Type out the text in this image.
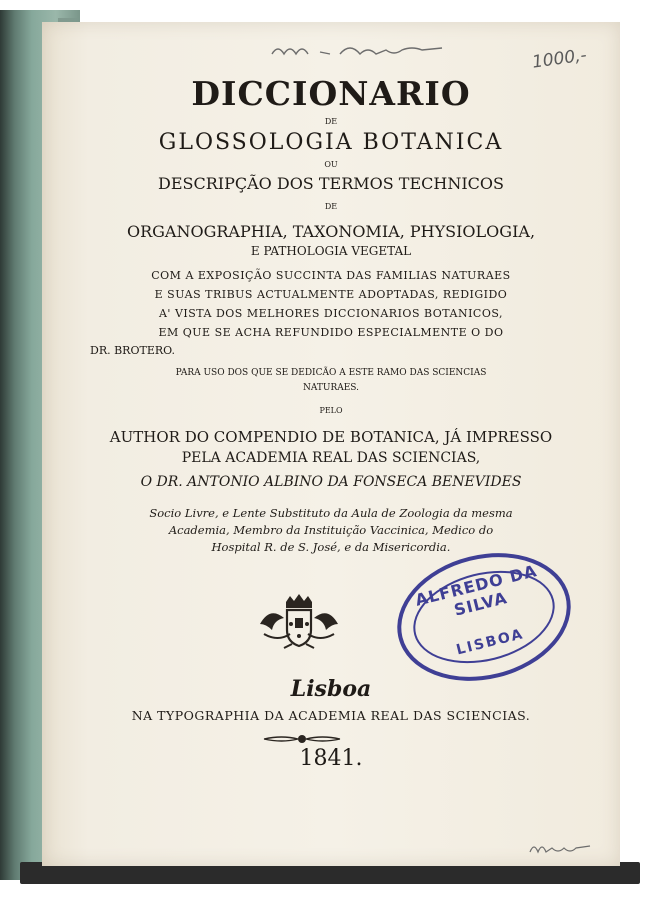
1000,-
DICCIONARIO
DE
GLOSSOLOGIA BOTANICA
OU
DESCRIPÇÃO DOS TERMOS TECHNICOS
DE
ORGANOGRAPHIA, TAXONOMIA, PHYSIOLOGIA,
E PATHOLOGIA VEGETAL
COM A EXPOSIÇÃO SUCCINTA DAS FAMILIAS NATURAES
E SUAS TRIBUS ACTUALMENTE ADOPTADAS, REDIGIDO
A' VISTA DOS MELHORES DICCIONARIOS BOTANICOS,
EM QUE SE ACHA REFUNDIDO ESPECIALMENTE O DO
DR. BROTERO.
PARA USO DOS QUE SE DEDICÃO A ESTE RAMO DAS SCIENCIAS
NATURAES.
PELO
AUTHOR DO COMPENDIO DE BOTANICA, JÁ IMPRESSO
PELA ACADEMIA REAL DAS SCIENCIAS,
O DR. ANTONIO ALBINO DA FONSECA BENEVIDES
Socio Livre, e Lente Substituto da Aula de Zoologia da mesma
Academia, Membro da Instituição Vaccinica, Medico do
Hospital R. de S. José, e da Misericordia.
Lisboa
NA TYPOGRAPHIA DA ACADEMIA REAL DAS SCIENCIAS.
1841.
ALFREDO DA SILVA
LISBOA
